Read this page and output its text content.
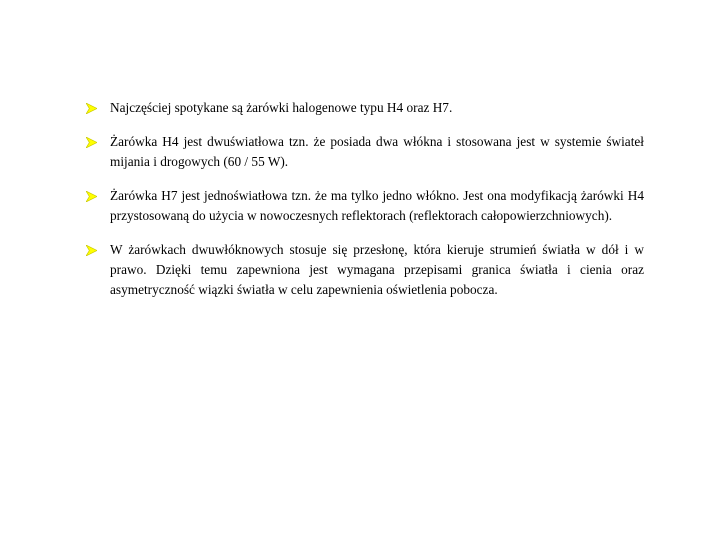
Najczęściej spotykane są żarówki halogenowe typu H4 oraz H7.
Żarówka H4 jest dwuświatłowa tzn. że posiada dwa włókna i stosowana jest w systemie świateł mijania i drogowych (60 / 55 W).
Żarówka H7 jest jednoświatłowa tzn. że ma tylko jedno włókno. Jest ona modyfikacją żarówki H4 przystosowaną do użycia w nowoczesnych reflektorach (reflektorach całopowierzchniowych).
W żarówkach dwuwłóknowych stosuje się przesłonę, która kieruje strumień światła w dół i w prawo. Dzięki temu zapewniona jest wymagana przepisami granica światła i cienia oraz asymetryczność wiązki światła w celu zapewnienia oświetlenia pobocza.
